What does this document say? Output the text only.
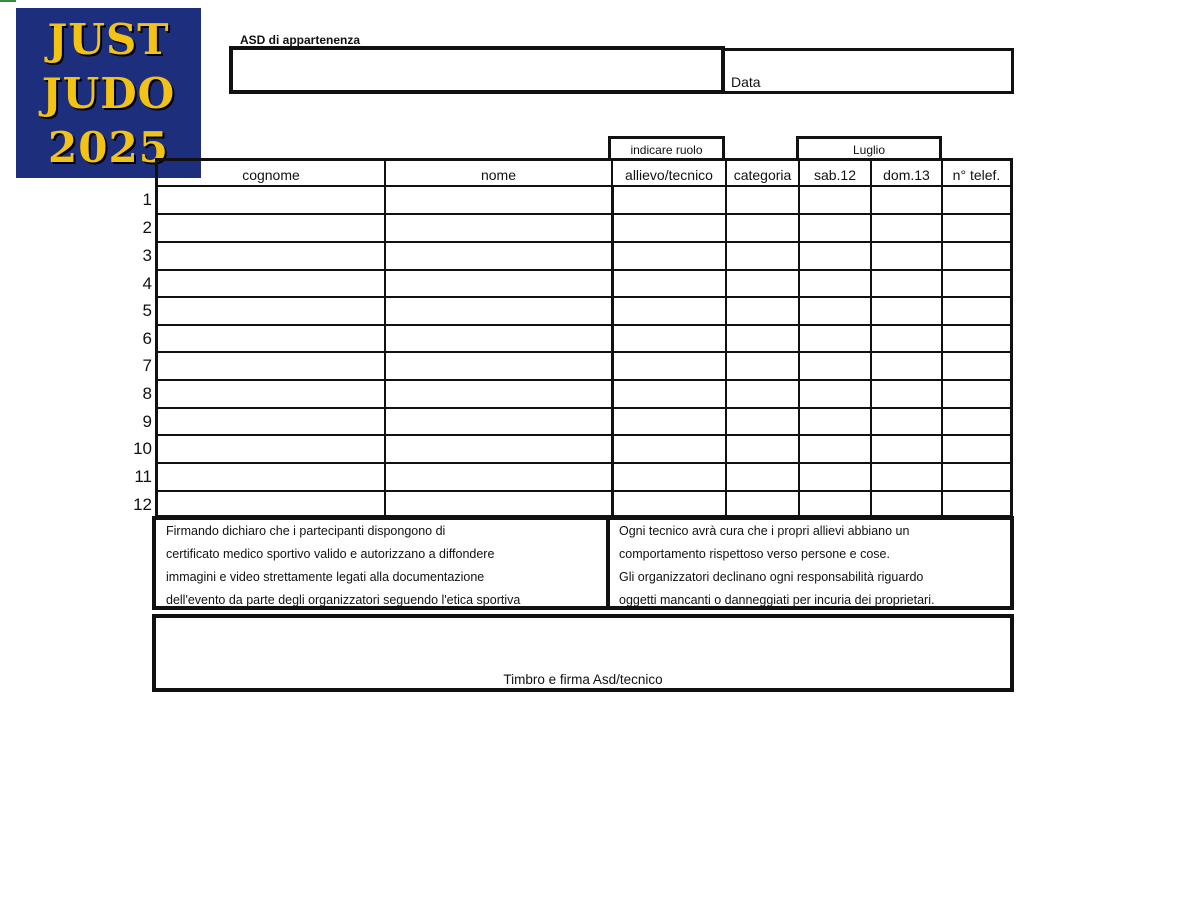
JUST
JUDO
2025
ASD di appartenenza
Data
indicare ruolo	Luglio
cognome	nome	allievo/tecnico	categoria	sab.12	dom.13	n° telef.
1
2
3
4
5
6
7
8
9
10
11
12
Firmando dichiaro che i partecipanti dispongono di
certificato medico sportivo valido e autorizzano a diffondere
immagini e video strettamente legati alla documentazione
dell'evento da parte degli organizzatori seguendo l'etica sportiva
Ogni tecnico avrà cura che i propri allievi abbiano un
comportamento rispettoso verso persone e cose.
Gli organizzatori declinano ogni responsabilità riguardo
oggetti mancanti o danneggiati per incuria dei proprietari.
Timbro e firma Asd/tecnico
